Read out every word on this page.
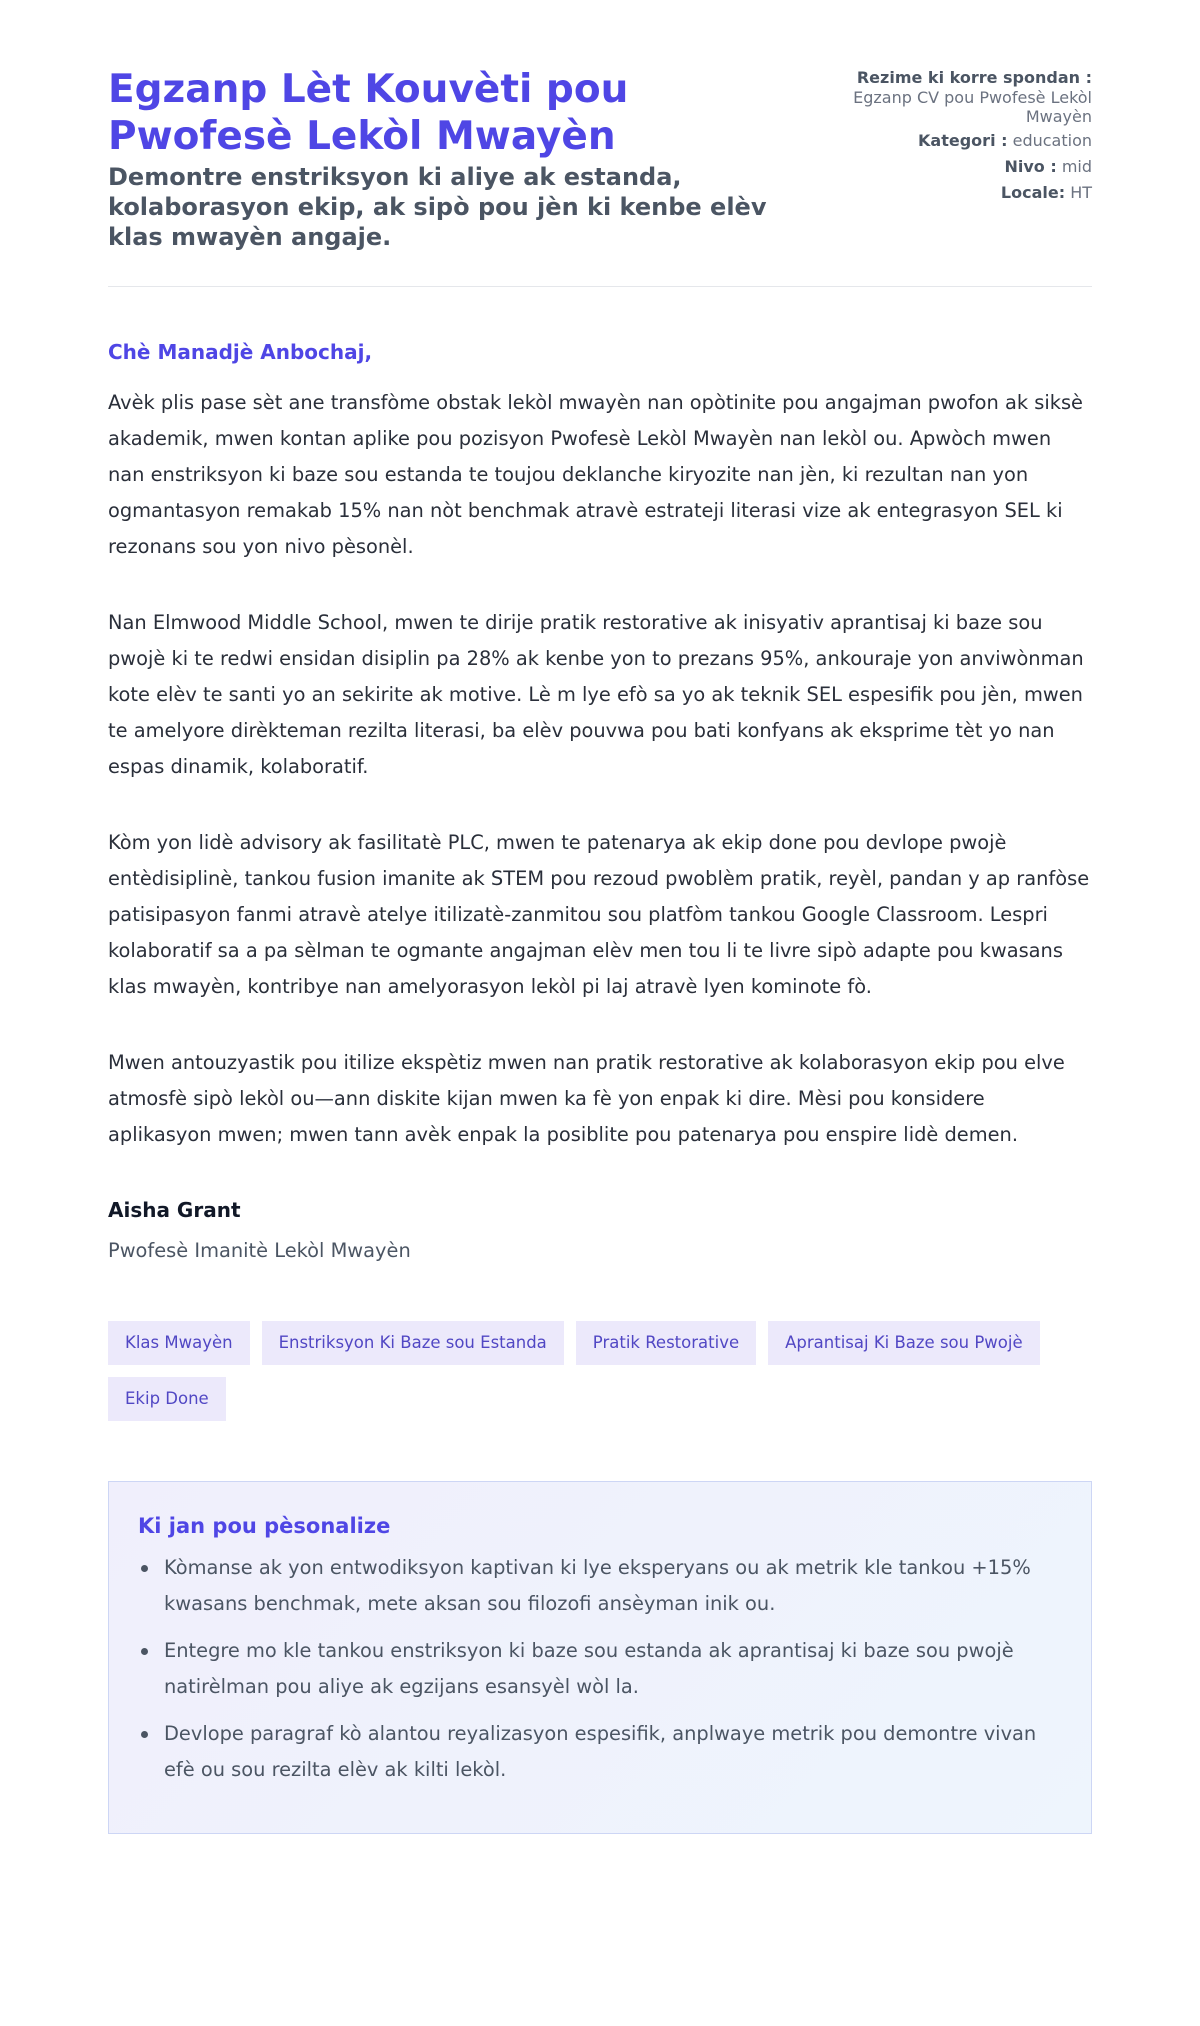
Egzanp Lèt Kouvèti pou Pwofesè Lekòl Mwayèn
Demontre enstriksyon ki aliye ak estanda, kolaborasyon ekip, ak sipò pou jèn ki kenbe elèv klas mwayèn angaje.
Rezime ki korre spondan :
Egzanp CV pou Pwofesè Lekòl Mwayèn
Kategori : education
Nivo : mid
Locale: HT

Chè Manadjè Anbochaj,

Avèk plis pase sèt ane transfòme obstak lekòl mwayèn nan opòtinite pou angajman pwofon ak siksè akademik, mwen kontan aplike pou pozisyon Pwofesè Lekòl Mwayèn nan lekòl ou. Apwòch mwen nan enstriksyon ki baze sou estanda te toujou deklanche kiryozite nan jèn, ki rezultan nan yon ogmantasyon remakab 15% nan nòt benchmak atravè estrateji literasi vize ak entegrasyon SEL ki rezonans sou yon nivo pèsonèl.

Nan Elmwood Middle School, mwen te dirije pratik restorative ak inisyativ aprantisaj ki baze sou pwojè ki te redwi ensidan disiplin pa 28% ak kenbe yon to prezans 95%, ankouraje yon anviwònman kote elèv te santi yo an sekirite ak motive. Lè m lye efò sa yo ak teknik SEL espesifik pou jèn, mwen te amelyore dirèkteman rezilta literasi, ba elèv pouvwa pou bati konfyans ak eksprime tèt yo nan espas dinamik, kolaboratif.

Kòm yon lidè advisory ak fasilitatè PLC, mwen te patenarya ak ekip done pou devlope pwojè entèdisiplinè, tankou fusion imanite ak STEM pou rezoud pwoblèm pratik, reyèl, pandan y ap ranfòse patisipasyon fanmi atravè atelye itilizatè-zanmitou sou platfòm tankou Google Classroom. Lespri kolaboratif sa a pa sèlman te ogmante angajman elèv men tou li te livre sipò adapte pou kwasans klas mwayèn, kontribye nan amelyorasyon lekòl pi laj atravè lyen kominote fò.

Mwen antouzyastik pou itilize ekspètiz mwen nan pratik restorative ak kolaborasyon ekip pou elve atmosfè sipò lekòl ou—ann diskite kijan mwen ka fè yon enpak ki dire. Mèsi pou konsidere aplikasyon mwen; mwen tann avèk enpak la posiblite pou patenarya pou enspire lidè demen.

Aisha Grant

Pwofesè Imanitè Lekòl Mwayèn

Klas Mwayèn	Enstriksyon Ki Baze sou Estanda	Pratik Restorative	Aprantisaj Ki Baze sou Pwojè
Ekip Done
Ki jan pou pèsonalize
Kòmanse ak yon entwodiksyon kaptivan ki lye eksperyans ou ak metrik kle tankou +15% kwasans benchmak, mete aksan sou filozofi ansèyman inik ou.
Entegre mo kle tankou enstriksyon ki baze sou estanda ak aprantisaj ki baze sou pwojè natirèlman pou aliye ak egzijans esansyèl wòl la.
Devlope paragraf kò alantou reyalizasyon espesifik, anplwaye metrik pou demontre vivan efè ou sou rezilta elèv ak kilti lekòl.
